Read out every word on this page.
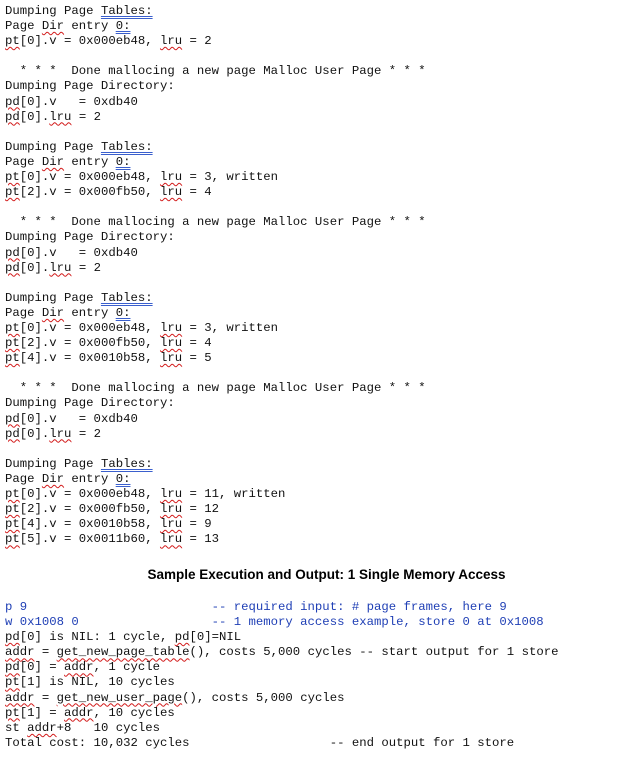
Dumping Page Tables:
Page Dir entry 0:
pt[0].v = 0x000eb48, lru = 2
* * *  Done mallocing a new page Malloc User Page * * *
Dumping Page Directory:
pd[0].v   = 0xdb40
pd[0].lru = 2
Dumping Page Tables:
Page Dir entry 0:
pt[0].v = 0x000eb48, lru = 3, written
pt[2].v = 0x000fb50, lru = 4
* * *  Done mallocing a new page Malloc User Page * * *
Dumping Page Directory:
pd[0].v   = 0xdb40
pd[0].lru = 2
Dumping Page Tables:
Page Dir entry 0:
pt[0].v = 0x000eb48, lru = 3, written
pt[2].v = 0x000fb50, lru = 4
pt[4].v = 0x0010b58, lru = 5
* * *  Done mallocing a new page Malloc User Page * * *
Dumping Page Directory:
pd[0].v   = 0xdb40
pd[0].lru = 2
Dumping Page Tables:
Page Dir entry 0:
pt[0].v = 0x000eb48, lru = 11, written
pt[2].v = 0x000fb50, lru = 12
pt[4].v = 0x0010b58, lru = 9
pt[5].v = 0x0011b60, lru = 13
Sample Execution and Output: 1 Single Memory Access
p 9                         -- required input: # page frames, here 9
w 0x1008 0                  -- 1 memory access example, store 0 at 0x1008
pd[0] is NIL: 1 cycle, pd[0]=NIL
addr = get_new_page_table(), costs 5,000 cycles -- start output for 1 store
pd[0] = addr, 1 cycle
pt[1] is NIL, 10 cycles
addr = get_new_user_page(), costs 5,000 cycles
pt[1] = addr, 10 cycles
st addr+8   10 cycles
Total cost: 10,032 cycles                   -- end output for 1 store
